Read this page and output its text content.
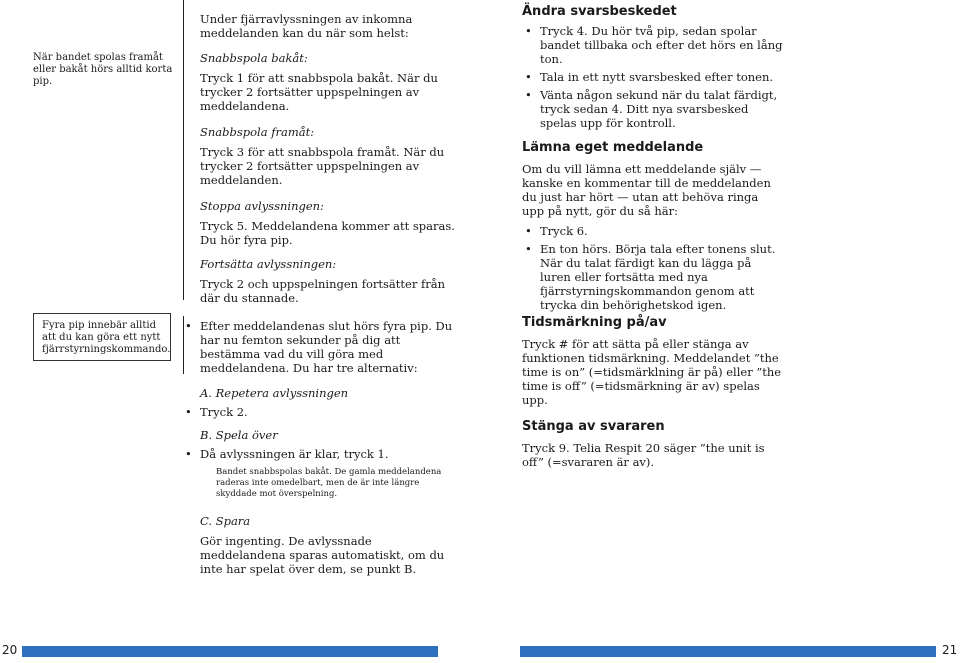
När bandet spolas framåt eller bakåt hörs alltid korta pip.
Fyra pip innebär alltid att du kan göra ett nytt fjärrstyrningskommando.
Under fjärravlyssningen av inkomna meddelanden kan du när som helst:
Snabbspola bakåt:
Tryck 1 för att snabbspola bakåt. När du trycker 2 fortsätter uppspelningen av meddelandena.
Snabbspola framåt:
Tryck 3 för att snabbspola framåt. När du trycker 2 fortsätter uppspelningen av meddelanden.
Stoppa avlyssningen:
Tryck 5. Meddelandena kommer att sparas. Du hör fyra pip.
Fortsätta avlyssningen:
Tryck 2 och uppspelningen fortsätter från där du stannade.
• Efter meddelandenas slut hörs fyra pip. Du har nu femton sekunder på dig att bestämma vad du vill göra med meddelandena. Du har tre alternativ:
A. Repetera avlyssningen
• Tryck 2.
B. Spela över
• Då avlyssningen är klar, tryck 1.
Bandet snabbspolas bakåt. De gamla meddelandena raderas inte omedelbart, men de är inte längre skyddade mot överspelning.
C. Spara
Gör ingenting. De avlyssnade meddelandena sparas automatiskt, om du inte har spelat över dem, se punkt B.
Ändra svarsbeskedet
• Tryck 4. Du hör två pip, sedan spolar bandet tillbaka och efter det hörs en lång ton.
• Tala in ett nytt svarsbesked efter tonen.
• Vänta någon sekund när du talat färdigt, tryck sedan 4. Ditt nya svarsbesked spelas upp för kontroll.
Lämna eget meddelande
Om du vill lämna ett meddelande själv — kanske en kommentar till de meddelanden du just har hört — utan att behöva ringa upp på nytt, gör du så här:
• Tryck 6.
• En ton hörs. Börja tala efter tonens slut. När du talat färdigt kan du lägga på luren eller fortsätta med nya fjärrstyrningskommandon genom att trycka din behörighetskod igen.
Tidsmärkning på/av
Tryck # för att sätta på eller stänga av funktionen tidsmärkning. Meddelandet ”the time is on” (=tidsmärklning är på) eller ”the time is off” (=tidsmärkning är av) spelas upp.
Stänga av svararen
Tryck 9. Telia Respit 20 säger ”the unit is off” (=svararen är av).
20	21
